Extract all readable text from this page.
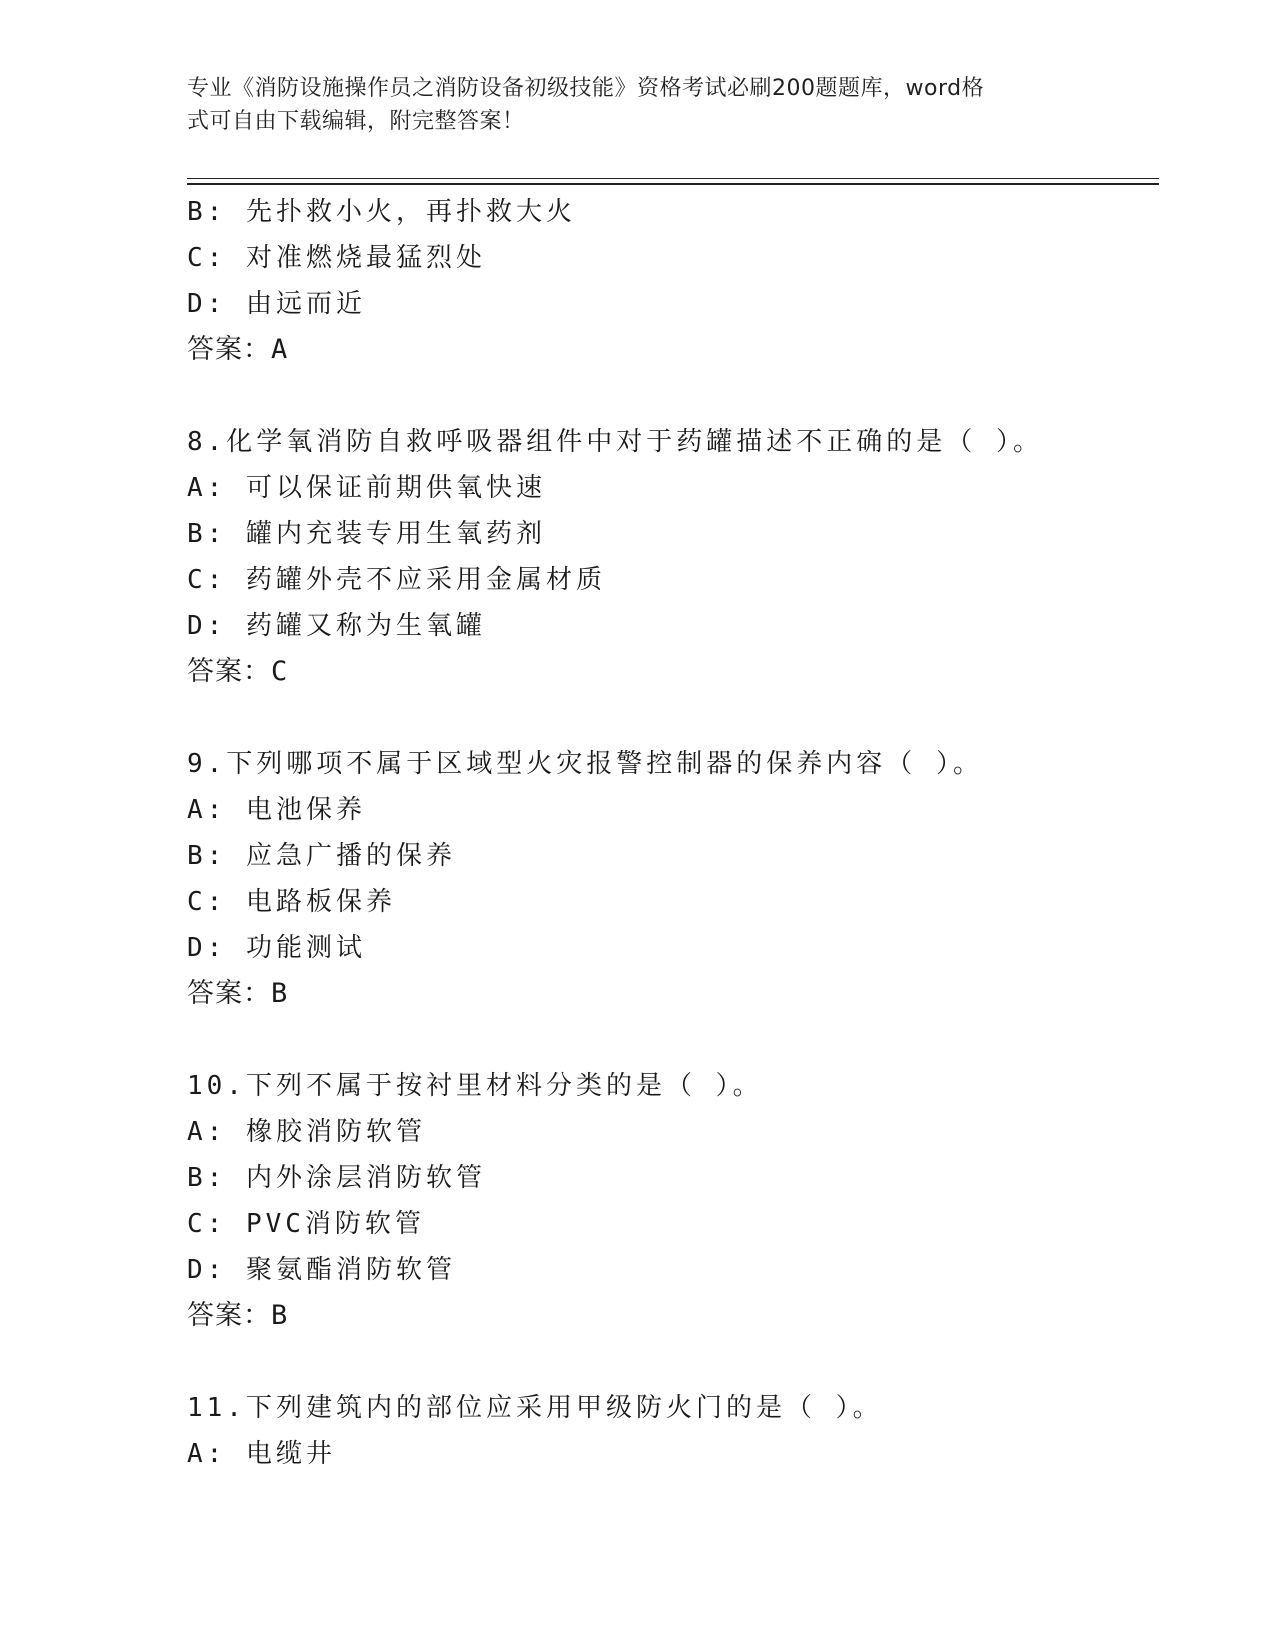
专业《消防设施操作员之消防设备初级技能》资格考试必刷200题题库，word格
式可自由下载编辑，附完整答案！
B: 先扑救小火，再扑救大火
C: 对准燃烧最猛烈处
D: 由远而近
答案：A
8.化学氧消防自救呼吸器组件中对于药罐描述不正确的是（ ）。
A: 可以保证前期供氧快速
B: 罐内充装专用生氧药剂
C: 药罐外壳不应采用金属材质
D: 药罐又称为生氧罐
答案：C
9.下列哪项不属于区域型火灾报警控制器的保养内容（ ）。
A: 电池保养
B: 应急广播的保养
C: 电路板保养
D: 功能测试
答案：B
10.下列不属于按衬里材料分类的是（ ）。
A: 橡胶消防软管
B: 内外涂层消防软管
C: PVC消防软管
D: 聚氨酯消防软管
答案：B
11.下列建筑内的部位应采用甲级防火门的是（ ）。
A: 电缆井
